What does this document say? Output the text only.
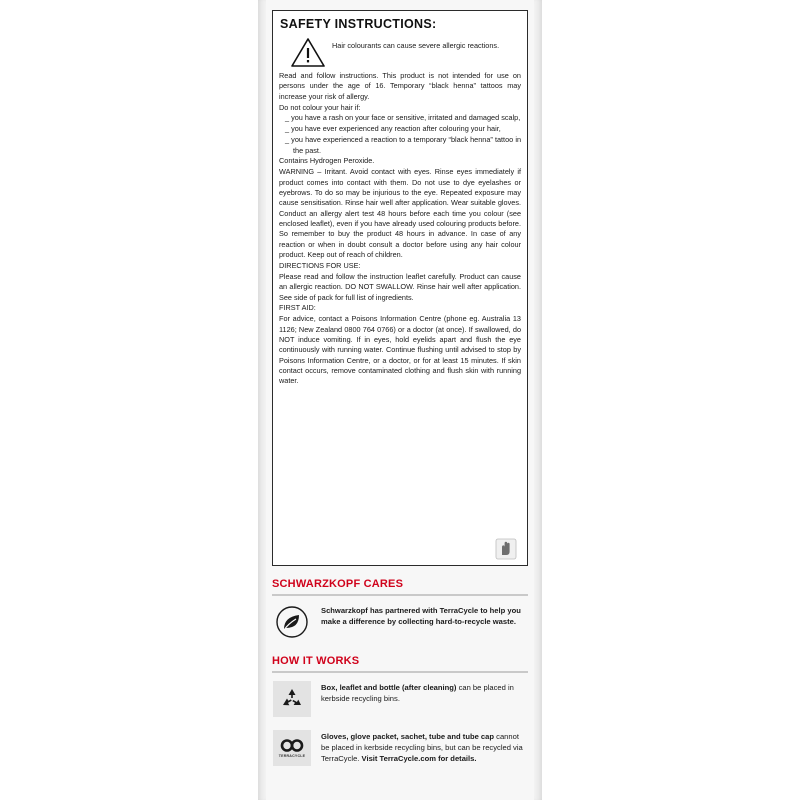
SAFETY INSTRUCTIONS:
Hair colourants can cause severe allergic reactions.

Read and follow instructions. This product is not intended for use on persons under the age of 16. Temporary “black henna” tattoos may increase your risk of allergy.

Do not colour your hair if:

_ you have a rash on your face or sensitive, irritated and damaged scalp,

_ you have ever experienced any reaction after colouring your hair,

_ you have experienced a reaction to a temporary “black henna” tattoo in the past.

Contains Hydrogen Peroxide.

WARNING – Irritant. Avoid contact with eyes. Rinse eyes immediately if product comes into contact with them. Do not use to dye eyelashes or eyebrows. To do so may be injurious to the eye. Repeated exposure may cause sensitisation. Rinse hair well after application. Wear suitable gloves. Conduct an allergy alert test 48 hours before each time you colour (see enclosed leaflet), even if you have already used colouring products before. So remember to buy the product 48 hours in advance. In case of any reaction or when in doubt consult a doctor before using any hair colour product. Keep out of reach of children.

DIRECTIONS FOR USE:

Please read and follow the instruction leaflet carefully. Product can cause an allergic reaction. DO NOT SWALLOW. Rinse hair well after application. See side of pack for full list of ingredients.

FIRST AID:

For advice, contact a Poisons Information Centre (phone eg. Australia 13 1126; New Zealand 0800 764 0766) or a doctor (at once). If swallowed, do NOT induce vomiting. If in eyes, hold eyelids apart and flush the eye continuously with running water. Continue flushing until advised to stop by Poisons Information Centre, or a doctor, or for at least 15 minutes. If skin contact occurs, remove contaminated clothing and flush skin with running water.

SCHWARZKOPF CARES
Schwarzkopf has partnered with TerraCycle to help you make a difference by collecting hard-to-recycle waste.
HOW IT WORKS
Box, leaflet and bottle (after cleaning) can be placed in kerbside recycling bins.
TERRACYCLE
Gloves, glove packet, sachet, tube and tube cap cannot be placed in kerbside recycling bins, but can be recycled via TerraCycle. Visit TerraCycle.com for details.
